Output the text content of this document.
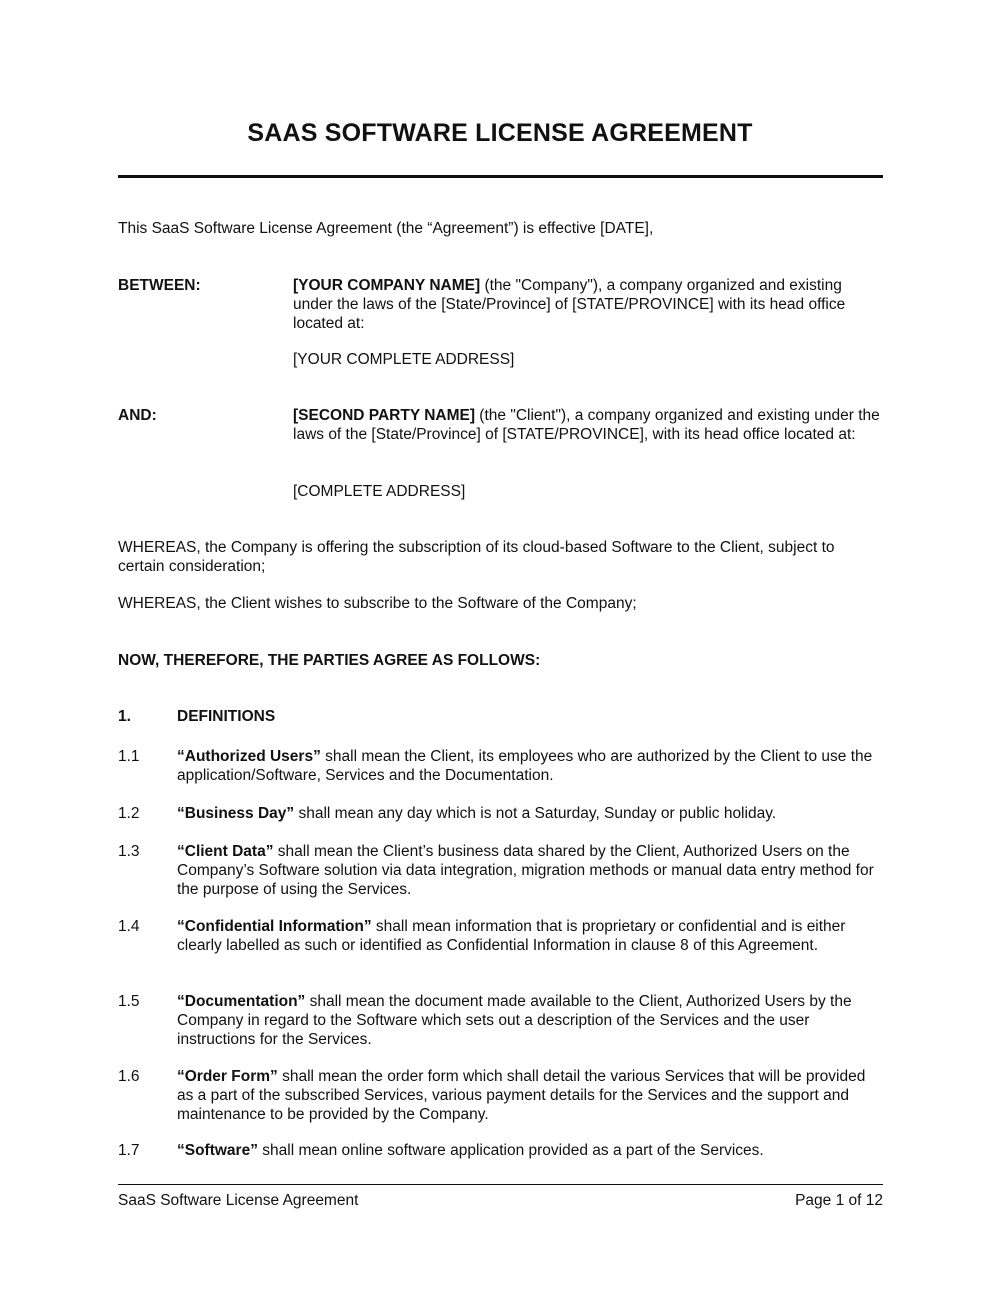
SAAS SOFTWARE LICENSE AGREEMENT
This SaaS Software License Agreement (the “Agreement”) is effective [DATE],
BETWEEN:	[YOUR COMPANY NAME] (the "Company"), a company organized and existing under the laws of the [State/Province] of [STATE/PROVINCE] with its head office located at:
[YOUR COMPLETE ADDRESS]
AND:	[SECOND PARTY NAME] (the "Client"), a company organized and existing under the laws of the [State/Province] of [STATE/PROVINCE], with its head office located at:
[COMPLETE ADDRESS]
WHEREAS, the Company is offering the subscription of its cloud-based Software to the Client, subject to certain consideration;
WHEREAS, the Client wishes to subscribe to the Software of the Company;
NOW, THEREFORE, THE PARTIES AGREE AS FOLLOWS:
1.	DEFINITIONS
1.1 “Authorized Users” shall mean the Client, its employees who are authorized by the Client to use the application/Software, Services and the Documentation.
1.2 “Business Day” shall mean any day which is not a Saturday, Sunday or public holiday.
1.3 “Client Data” shall mean the Client’s business data shared by the Client, Authorized Users on the Company’s Software solution via data integration, migration methods or manual data entry method for the purpose of using the Services.
1.4 “Confidential Information” shall mean information that is proprietary or confidential and is either clearly labelled as such or identified as Confidential Information in clause 8 of this Agreement.
1.5 “Documentation” shall mean the document made available to the Client, Authorized Users by the Company in regard to the Software which sets out a description of the Services and the user instructions for the Services.
1.6 “Order Form” shall mean the order form which shall detail the various Services that will be provided as a part of the subscribed Services, various payment details for the Services and the support and maintenance to be provided by the Company.
1.7 “Software” shall mean online software application provided as a part of the Services.
SaaS Software License Agreement	Page 1 of 12
